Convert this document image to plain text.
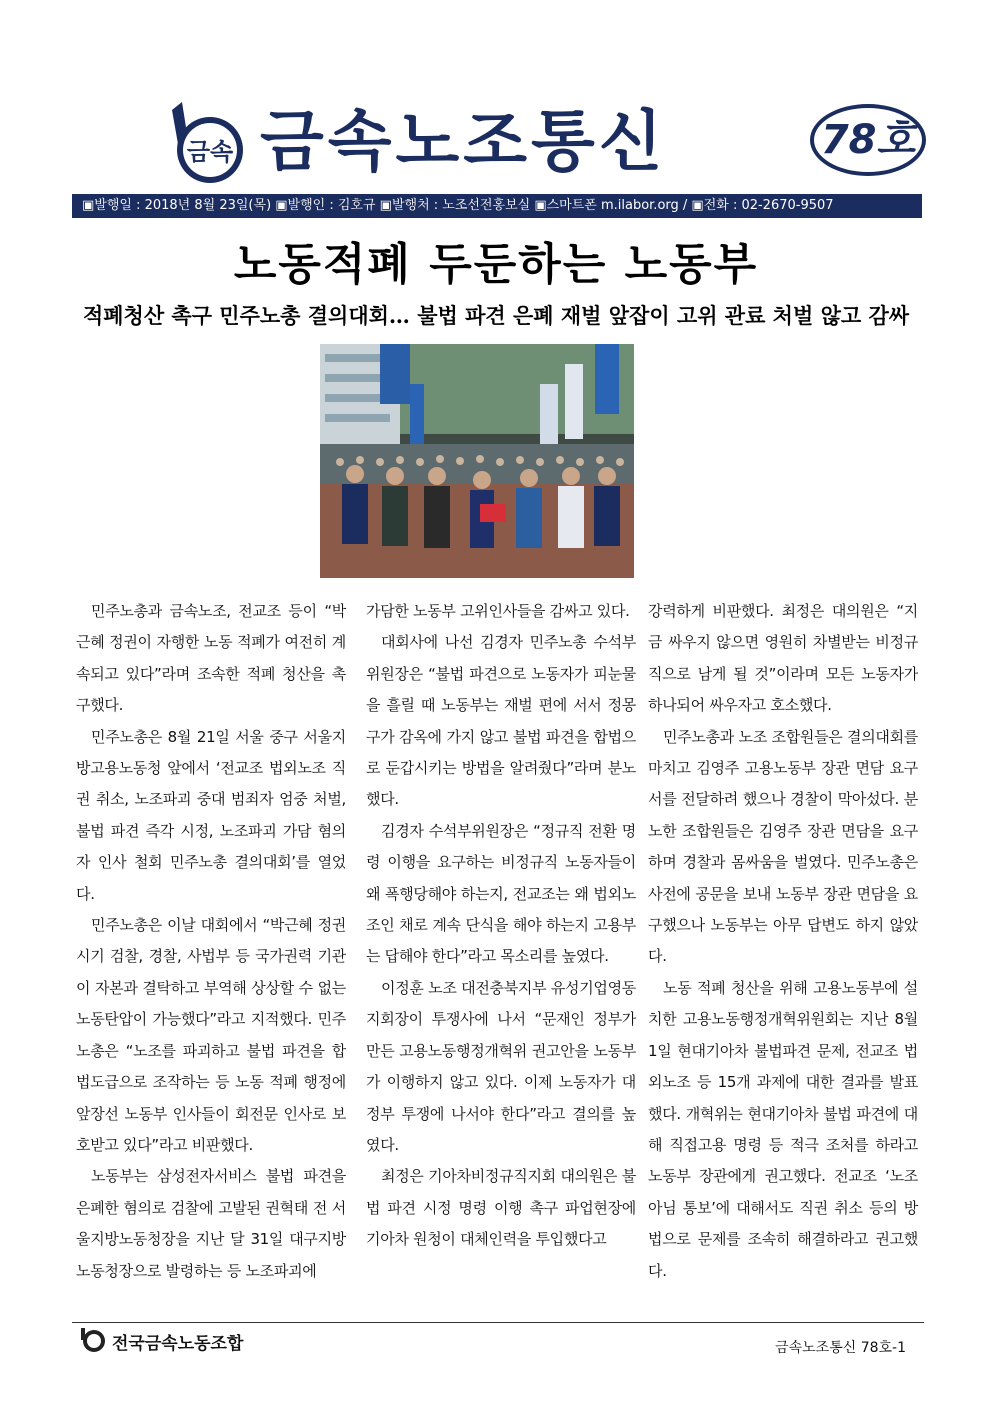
금속 금속노조통신	78호
▣발행일 : 2018년 8월 23일(목) ▣발행인 : 김호규 ▣발행처 : 노조선전홍보실 ▣스마트폰 m.ilabor.org / ▣전화 : 02-2670-9507
노동적폐 두둔하는 노동부
적폐청산 촉구 민주노총 결의대회… 불법 파견 은폐 재벌 앞잡이 고위 관료 처벌 않고 감싸

민주노총과 금속노조, 전교조 등이 “박근혜 정권이 자행한 노동 적폐가 여전히 계속되고 있다”라며 조속한 적폐 청산을 촉구했다.

민주노총은 8월 21일 서울 중구 서울지방고용노동청 앞에서 ‘전교조 법외노조 직권 취소, 노조파괴 중대 범죄자 엄중 처벌, 불법 파견 즉각 시정, 노조파괴 가담 혐의자 인사 철회 민주노총 결의대회’를 열었다.

민주노총은 이날 대회에서 “박근혜 정권 시기 검찰, 경찰, 사법부 등 국가권력 기관이 자본과 결탁하고 부역해 상상할 수 없는 노동탄압이 가능했다”라고 지적했다. 민주노총은 “노조를 파괴하고 불법 파견을 합법도급으로 조작하는 등 노동 적폐 행정에 앞장선 노동부 인사들이 회전문 인사로 보호받고 있다”라고 비판했다.

노동부는 삼성전자서비스 불법 파견을 은폐한 혐의로 검찰에 고발된 권혁태 전 서울지방노동청장을 지난 달 31일 대구지방노동청장으로 발령하는 등 노조파괴에

가담한 노동부 고위인사들을 감싸고 있다.

대회사에 나선 김경자 민주노총 수석부위원장은 “불법 파견으로 노동자가 피눈물을 흘릴 때 노동부는 재벌 편에 서서 정몽구가 감옥에 가지 않고 불법 파견을 합법으로 둔갑시키는 방법을 알려줬다”라며 분노했다.

김경자 수석부위원장은 “정규직 전환 명령 이행을 요구하는 비정규직 노동자들이 왜 폭행당해야 하는지, 전교조는 왜 법외노조인 채로 계속 단식을 해야 하는지 고용부는 답해야 한다”라고 목소리를 높였다.

이정훈 노조 대전충북지부 유성기업영동지회장이 투쟁사에 나서 “문재인 정부가 만든 고용노동행정개혁위 권고안을 노동부가 이행하지 않고 있다. 이제 노동자가 대정부 투쟁에 나서야 한다”라고 결의를 높였다.

최정은 기아차비정규직지회 대의원은 불법 파견 시정 명령 이행 촉구 파업현장에 기아차 원청이 대체인력을 투입했다고

강력하게 비판했다. 최정은 대의원은 “지금 싸우지 않으면 영원히 차별받는 비정규직으로 남게 될 것”이라며 모든 노동자가 하나되어 싸우자고 호소했다.

민주노총과 노조 조합원들은 결의대회를 마치고 김영주 고용노동부 장관 면담 요구서를 전달하려 했으나 경찰이 막아섰다. 분노한 조합원들은 김영주 장관 면담을 요구하며 경찰과 몸싸움을 벌였다. 민주노총은 사전에 공문을 보내 노동부 장관 면담을 요구했으나 노동부는 아무 답변도 하지 않았다.

노동 적폐 청산을 위해 고용노동부에 설치한 고용노동행정개혁위원회는 지난 8월 1일 현대기아차 불법파견 문제, 전교조 법외노조 등 15개 과제에 대한 결과를 발표했다. 개혁위는 현대기아차 불법 파견에 대해 직접고용 명령 등 적극 조처를 하라고 노동부 장관에게 권고했다. 전교조 ‘노조 아님 통보’에 대해서도 직권 취소 등의 방법으로 문제를 조속히 해결하라고 권고했다.

전국금속노동조합	금속노조통신 78호-1
